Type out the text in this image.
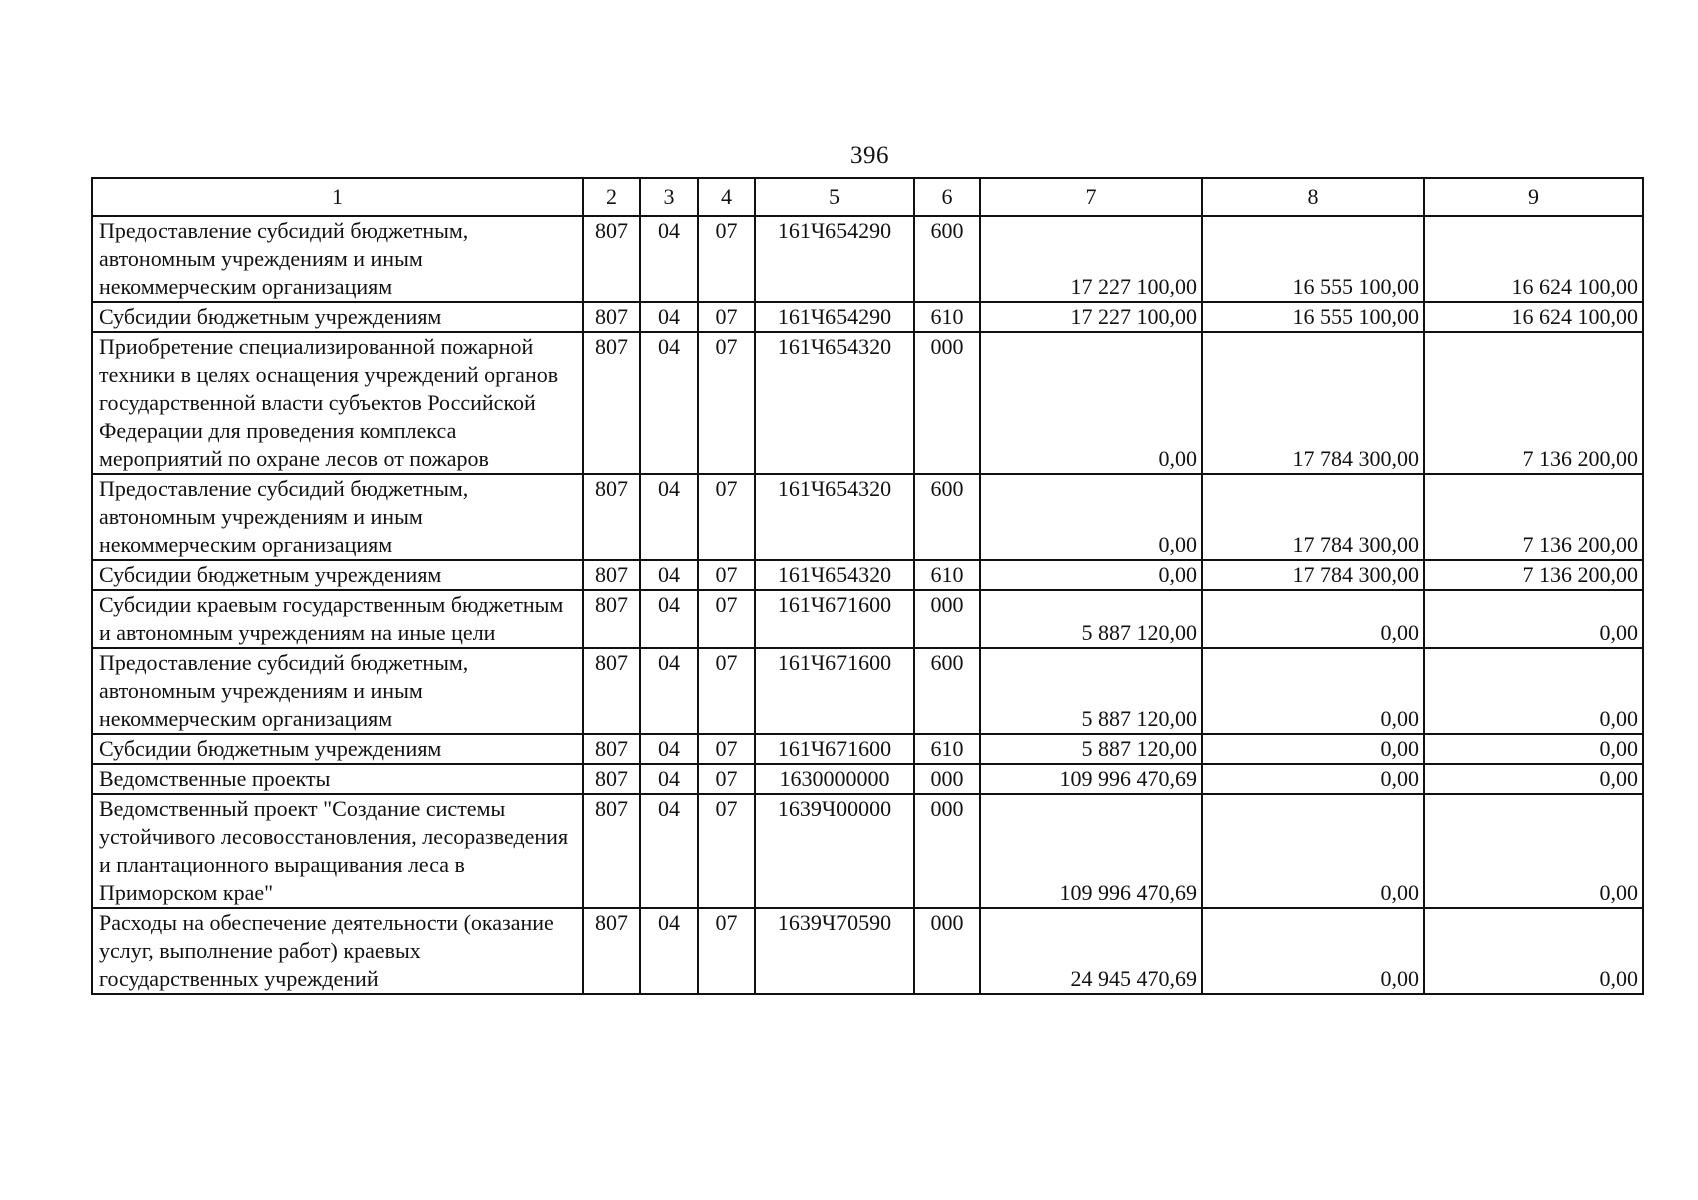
396
1	2	3	4	5	6	7	8	9
Предоставление субсидий бюджетным, автономным учреждениям и иным некоммерческим организациям	807	04	07	161Ч654290	600	17 227 100,00	16 555 100,00	16 624 100,00
Субсидии бюджетным учреждениям	807	04	07	161Ч654290	610	17 227 100,00	16 555 100,00	16 624 100,00
Приобретение специализированной пожарной техники в целях оснащения учреждений органов государственной власти субъектов Российской Федерации для проведения комплекса мероприятий по охране лесов от пожаров	807	04	07	161Ч654320	000	0,00	17 784 300,00	7 136 200,00
Предоставление субсидий бюджетным, автономным учреждениям и иным некоммерческим организациям	807	04	07	161Ч654320	600	0,00	17 784 300,00	7 136 200,00
Субсидии бюджетным учреждениям	807	04	07	161Ч654320	610	0,00	17 784 300,00	7 136 200,00
Субсидии краевым государственным бюджетным и автономным учреждениям на иные цели	807	04	07	161Ч671600	000	5 887 120,00	0,00	0,00
Предоставление субсидий бюджетным, автономным учреждениям и иным некоммерческим организациям	807	04	07	161Ч671600	600	5 887 120,00	0,00	0,00
Субсидии бюджетным учреждениям	807	04	07	161Ч671600	610	5 887 120,00	0,00	0,00
Ведомственные проекты	807	04	07	1630000000	000	109 996 470,69	0,00	0,00
Ведомственный проект "Создание системы устойчивого лесовосстановления, лесоразведения и плантационного выращивания леса в Приморском крае"	807	04	07	1639Ч00000	000	109 996 470,69	0,00	0,00
Расходы на обеспечение деятельности (оказание услуг, выполнение работ) краевых государственных учреждений	807	04	07	1639Ч70590	000	24 945 470,69	0,00	0,00
